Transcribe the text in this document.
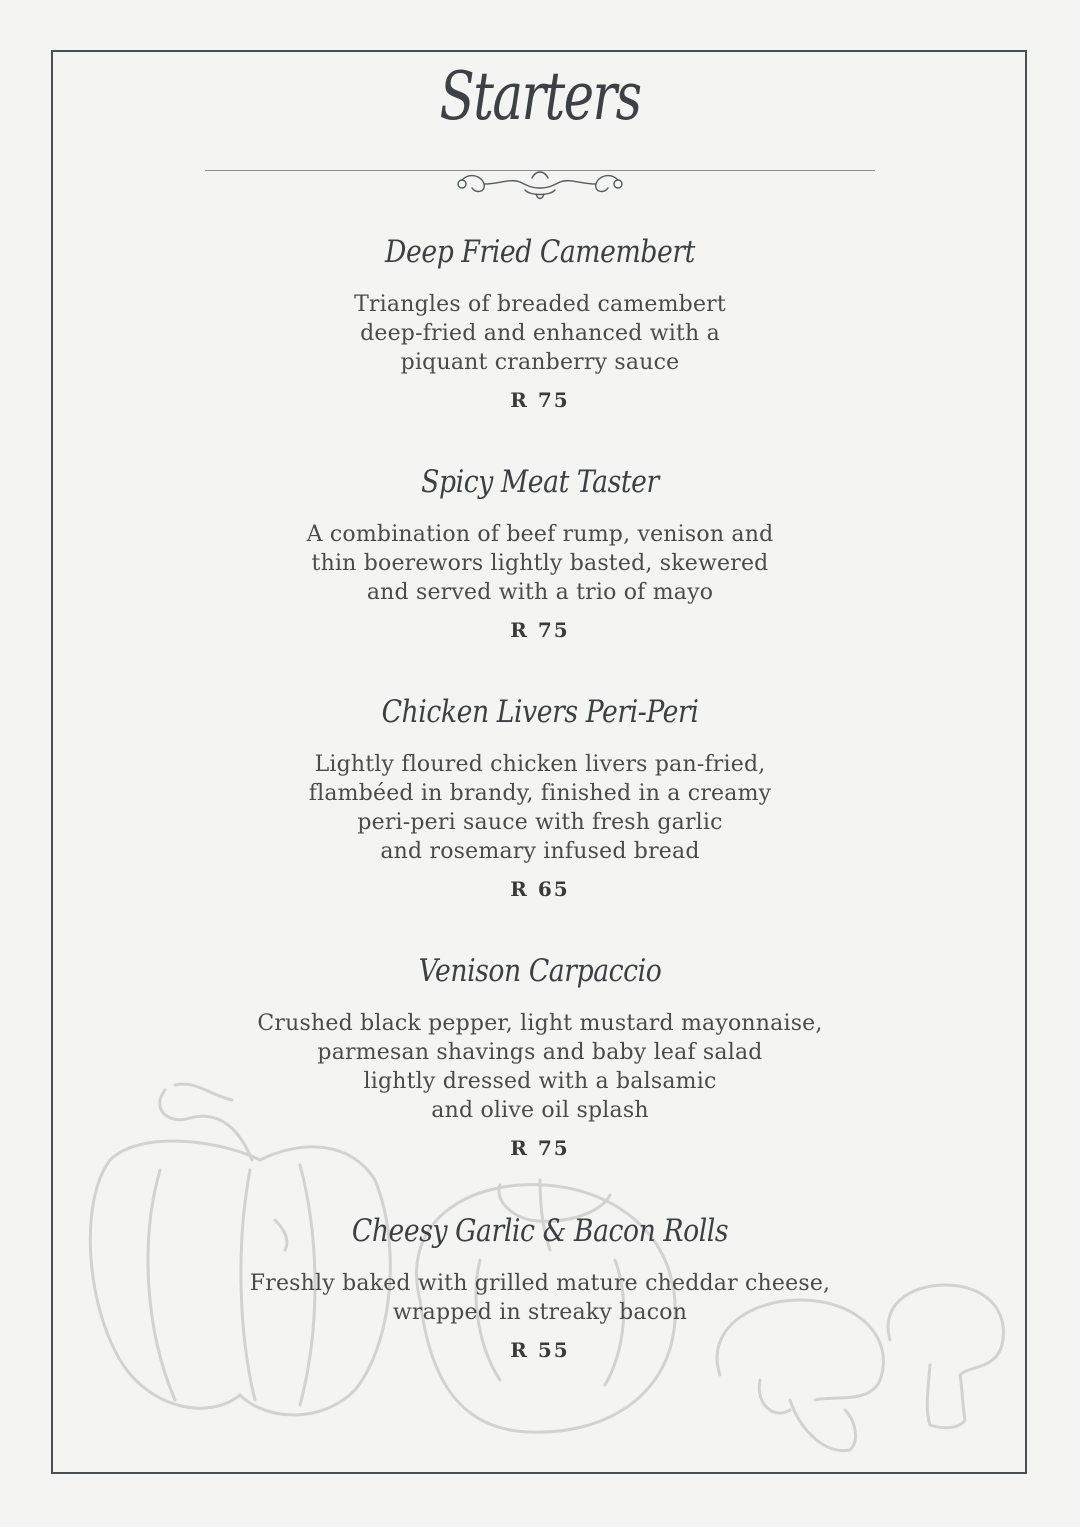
Starters
Deep Fried Camembert
Triangles of breaded camembert
deep-fried and enhanced with a
piquant cranberry sauce
R 75
Spicy Meat Taster
A combination of beef rump, venison and
thin boerewors lightly basted, skewered
and served with a trio of mayo
R 75
Chicken Livers Peri-Peri
Lightly floured chicken livers pan-fried,
flambéed in brandy, finished in a creamy
peri-peri sauce with fresh garlic
and rosemary infused bread
R 65
Venison Carpaccio
Crushed black pepper, light mustard mayonnaise,
parmesan shavings and baby leaf salad
lightly dressed with a balsamic
and olive oil splash
R 75
Cheesy Garlic & Bacon Rolls
Freshly baked with grilled mature cheddar cheese,
wrapped in streaky bacon
R 55
